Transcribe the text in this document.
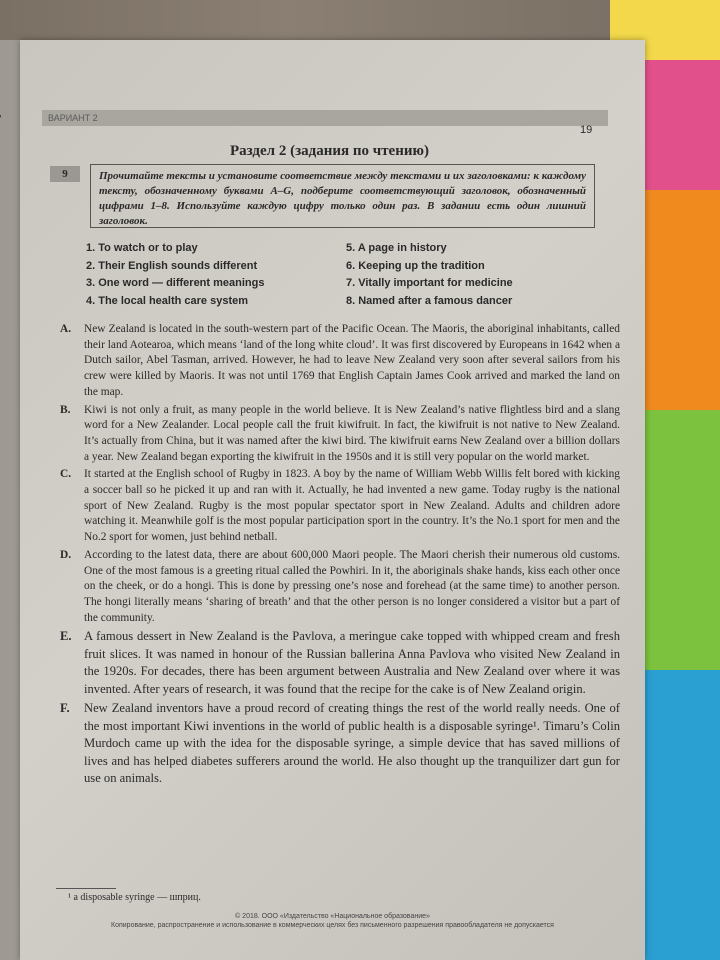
ВАРИАНТ 2
19
Раздел 2 (задания по чтению)
9	Прочитайте тексты и установите соответствие между текстами и их заголовками: к каждому тексту, обозначенному буквами A–G, подберите соответствующий заголовок, обозначенный цифрами 1–8. Используйте каждую цифру только один раз. В задании есть один лишний заголовок.
1. To watch or to play
2. Their English sounds different
3. One word — different meanings
4. The local health care system
5. A page in history
6. Keeping up the tradition
7. Vitally important for medicine
8. Named after a famous dancer
A. New Zealand is located in the south-western part of the Pacific Ocean. The Maoris, the aboriginal inhabitants, called their land Aotearoa, which means ‘land of the long white cloud’. It was first discovered by Europeans in 1642 when a Dutch sailor, Abel Tasman, arrived. However, he had to leave New Zealand very soon after several sailors from his crew were killed by Maoris. It was not until 1769 that English Captain James Cook arrived and marked the land on the map.
B. Kiwi is not only a fruit, as many people in the world believe. It is New Zealand’s native flightless bird and a slang word for a New Zealander. Local people call the fruit kiwifruit. In fact, the kiwifruit is not native to New Zealand. It’s actually from China, but it was named after the kiwi bird. The kiwifruit earns New Zealand over a billion dollars a year. New Zealand began exporting the kiwifruit in the 1950s and it is still very popular on the world market.
C. It started at the English school of Rugby in 1823. A boy by the name of William Webb Willis felt bored with kicking a soccer ball so he picked it up and ran with it. Actually, he had invented a new game. Today rugby is the national sport of New Zealand. Rugby is the most popular spectator sport in New Zealand. Adults and children adore watching it. Meanwhile golf is the most popular participation sport in the country. It’s the No.1 sport for men and the No.2 sport for women, just behind netball.
D. According to the latest data, there are about 600,000 Maori people. The Maori cherish their numerous old customs. One of the most famous is a greeting ritual called the Powhiri. In it, the aboriginals shake hands, kiss each other once on the cheek, or do a hongi. This is done by pressing one’s nose and forehead (at the same time) to another person. The hongi literally means ‘sharing of breath’ and that the other person is no longer considered a visitor but a part of the community.
E. A famous dessert in New Zealand is the Pavlova, a meringue cake topped with whipped cream and fresh fruit slices. It was named in honour of the Russian ballerina Anna Pavlova who visited New Zealand in the 1920s. For decades, there has been argument between Australia and New Zealand over where it was invented. After years of research, it was found that the recipe for the cake is of New Zealand origin.
F. New Zealand inventors have a proud record of creating things the rest of the world really needs. One of the most important Kiwi inventions in the world of public health is a disposable syringe¹. Timaru’s Colin Murdoch came up with the idea for the disposable syringe, a simple device that has saved millions of lives and has helped diabetes sufferers around the world. He also thought up the tranquilizer dart gun for use on animals.
¹ a disposable syringe — шприц.
© 2018. ООО «Издательство «Национальное образование»
Копирование, распространение и использование в коммерческих целях без письменного разрешения правообладателя не допускается
